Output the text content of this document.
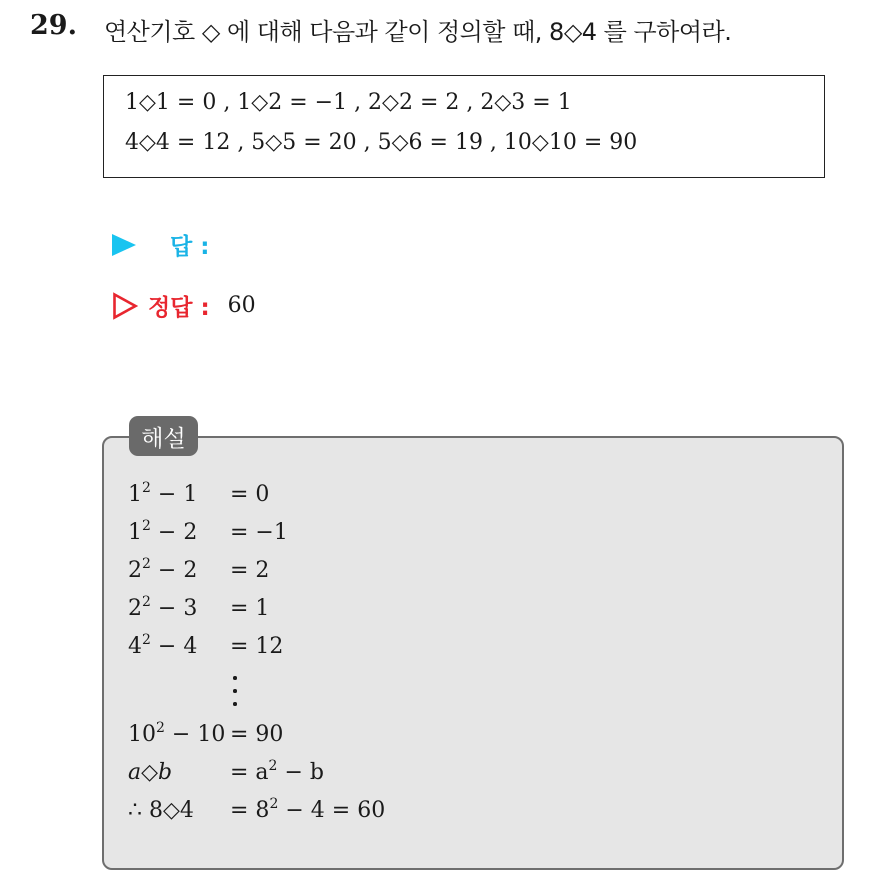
29. 연산기호 ◇ 에 대해 다음과 같이 정의할 때, 8◇4 를 구하여라.
1◇1 = 0 , 1◇2 = −1 , 2◇2 = 2 , 2◇3 = 1
4◇4 = 12 , 5◇5 = 20 , 5◇6 = 19 , 10◇10 = 90
답 :
정답 : 60
해설
$1^2 - 1 = 0$
$1^2 - 2 = -1$
$2^2 - 2 = 2$
$2^2 - 3 = 1$
$4^2 - 4 = 12$
$10^2 - 10 = 90$
a◇b	= $a^2 - b$
∴ 8◇4 = $8^2 - 4 = 60$
